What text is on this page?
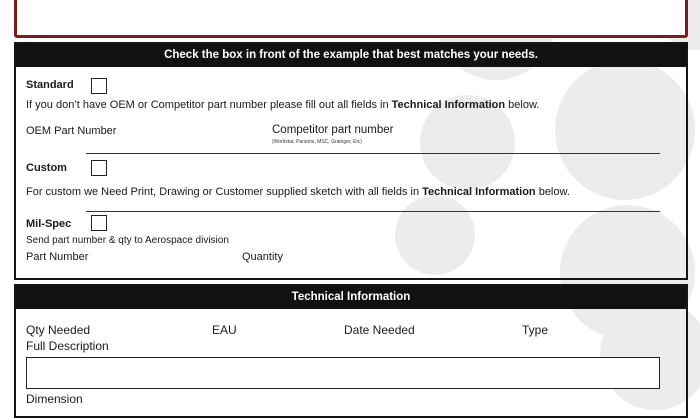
Check the box in front of the example that best matches your needs.
Standard
If you don’t have OEM or Competitor part number please fill out all fields in Technical Information below.
OEM Part Number	Competitor part number
(Workstar, Parsons, MSC, Grainger, Etc)
Custom
For custom we Need Print, Drawing or Customer supplied sketch with all fields in Technical Information below.
Mil-Spec
Send part number & qty to Aerospace division
Part Number	Quantity
Technical Information
Qty Needed	EAU	Date Needed	Type
Full Description
Dimension
